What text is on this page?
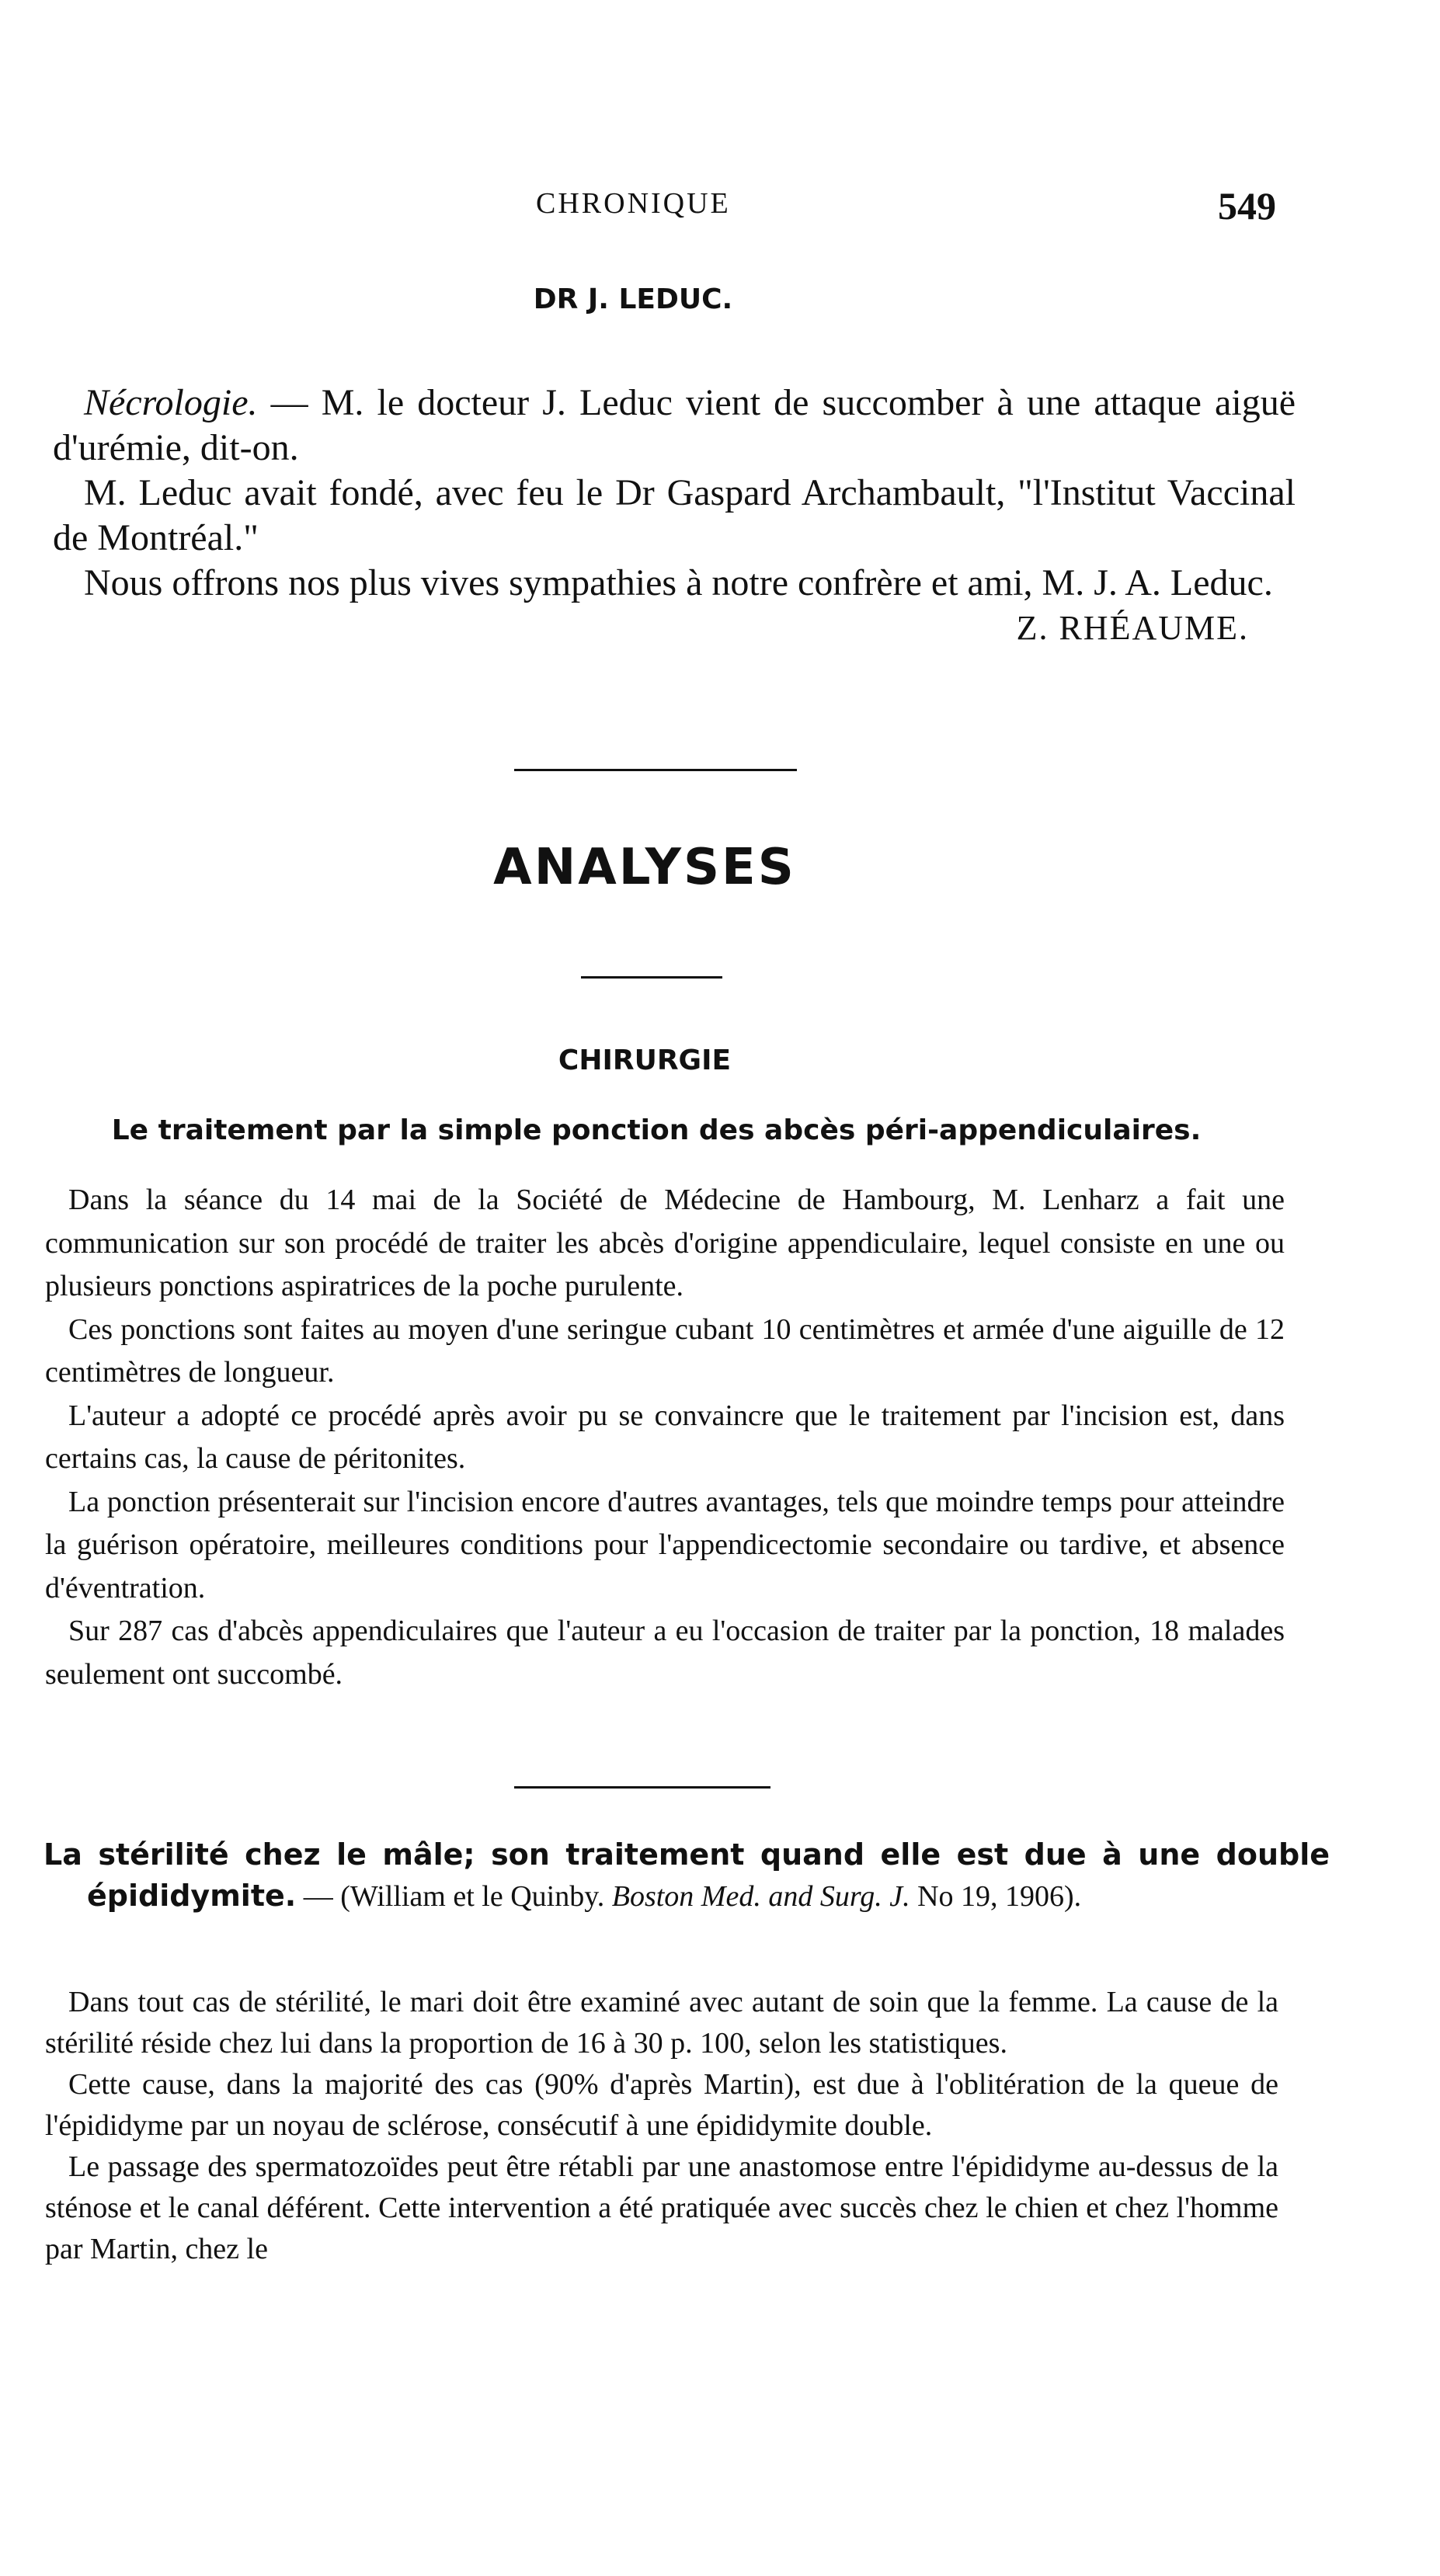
CHRONIQUE	549
DR J. LEDUC.

Nécrologie. — M. le docteur J. Leduc vient de succomber à une attaque aiguë d'urémie, dit-on.

M. Leduc avait fondé, avec feu le Dr Gaspard Archambault, "l'Institut Vaccinal de Montréal."

Nous offrons nos plus vives sympathies à notre confrère et ami, M. J. A. Leduc.

Z. RHÉAUME.

ANALYSES
CHIRURGIE
Le traitement par la simple ponction des abcès péri-appendiculaires.

Dans la séance du 14 mai de la Société de Médecine de Hambourg, M. Lenharz a fait une communication sur son procédé de traiter les abcès d'origine appendiculaire, lequel consiste en une ou plusieurs ponctions aspiratrices de la poche purulente.

Ces ponctions sont faites au moyen d'une seringue cubant 10 centimètres et armée d'une aiguille de 12 centimètres de longueur.

L'auteur a adopté ce procédé après avoir pu se convaincre que le traitement par l'incision est, dans certains cas, la cause de péritonites.

La ponction présenterait sur l'incision encore d'autres avantages, tels que moindre temps pour atteindre la guérison opératoire, meilleures conditions pour l'appendicectomie secondaire ou tardive, et absence d'éventration.

Sur 287 cas d'abcès appendiculaires que l'auteur a eu l'occasion de traiter par la ponction, 18 malades seulement ont succombé.

La stérilité chez le mâle; son traitement quand elle est due à une double épididymite. — (William et le Quinby. Boston Med. and Surg. J. No 19, 1906).

Dans tout cas de stérilité, le mari doit être examiné avec autant de soin que la femme. La cause de la stérilité réside chez lui dans la proportion de 16 à 30 p. 100, selon les statistiques.

Cette cause, dans la majorité des cas (90% d'après Martin), est due à l'oblitération de la queue de l'épididyme par un noyau de sclérose, consécutif à une épididymite double.

Le passage des spermatozoïdes peut être rétabli par une anastomose entre l'épididyme au-dessus de la sténose et le canal déférent. Cette intervention a été pratiquée avec succès chez le chien et chez l'homme par Martin, chez le
